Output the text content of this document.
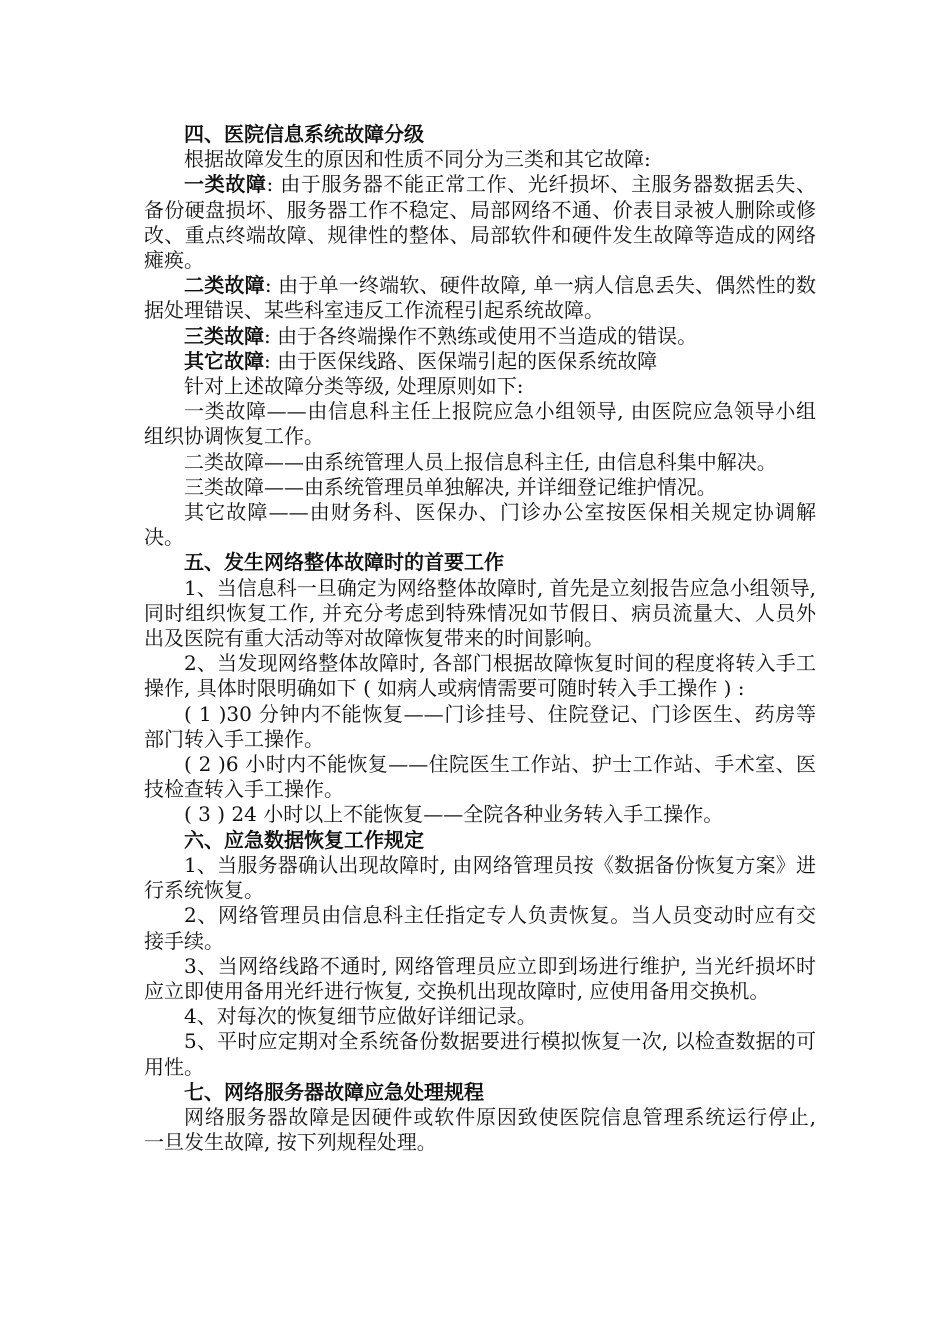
四、医院信息系统故障分级

根据故障发生的原因和性质不同分为三类和其它故障:

一类故障: 由于服务器不能正常工作、光纤损坏、主服务器数据丢失、备份硬盘损坏、服务器工作不稳定、局部网络不通、价表目录被人删除或修改、重点终端故障、规律性的整体、局部软件和硬件发生故障等造成的网络瘫痪。

二类故障: 由于单一终端软、硬件故障, 单一病人信息丢失、偶然性的数据处理错误、某些科室违反工作流程引起系统故障。

三类故障: 由于各终端操作不熟练或使用不当造成的错误。

其它故障: 由于医保线路、医保端引起的医保系统故障

针对上述故障分类等级, 处理原则如下:

一类故障——由信息科主任上报院应急小组领导, 由医院应急领导小组组织协调恢复工作。

二类故障——由系统管理人员上报信息科主任, 由信息科集中解决。

三类故障——由系统管理员单独解决, 并详细登记维护情况。

其它故障——由财务科、医保办、门诊办公室按医保相关规定协调解决。

五、发生网络整体故障时的首要工作

1、当信息科一旦确定为网络整体故障时, 首先是立刻报告应急小组领导, 同时组织恢复工作, 并充分考虑到特殊情况如节假日、病员流量大、人员外出及医院有重大活动等对故障恢复带来的时间影响。

2、当发现网络整体故障时, 各部门根据故障恢复时间的程度将转入手工操作, 具体时限明确如下 ( 如病人或病情需要可随时转入手工操作 ) :

( 1 )30 分钟内不能恢复——门诊挂号、住院登记、门诊医生、药房等部门转入手工操作。

( 2 )6 小时内不能恢复——住院医生工作站、护士工作站、手术室、医技检查转入手工操作。

( 3 ) 24 小时以上不能恢复——全院各种业务转入手工操作。

六、应急数据恢复工作规定

1、当服务器确认出现故障时, 由网络管理员按《数据备份恢复方案》进行系统恢复。

2、网络管理员由信息科主任指定专人负责恢复。当人员变动时应有交接手续。

3、当网络线路不通时, 网络管理员应立即到场进行维护, 当光纤损坏时应立即使用备用光纤进行恢复, 交换机出现故障时, 应使用备用交换机。

4、对每次的恢复细节应做好详细记录。

5、平时应定期对全系统备份数据要进行模拟恢复一次, 以检查数据的可用性。

七、网络服务器故障应急处理规程

网络服务器故障是因硬件或软件原因致使医院信息管理系统运行停止, 一旦发生故障, 按下列规程处理。
